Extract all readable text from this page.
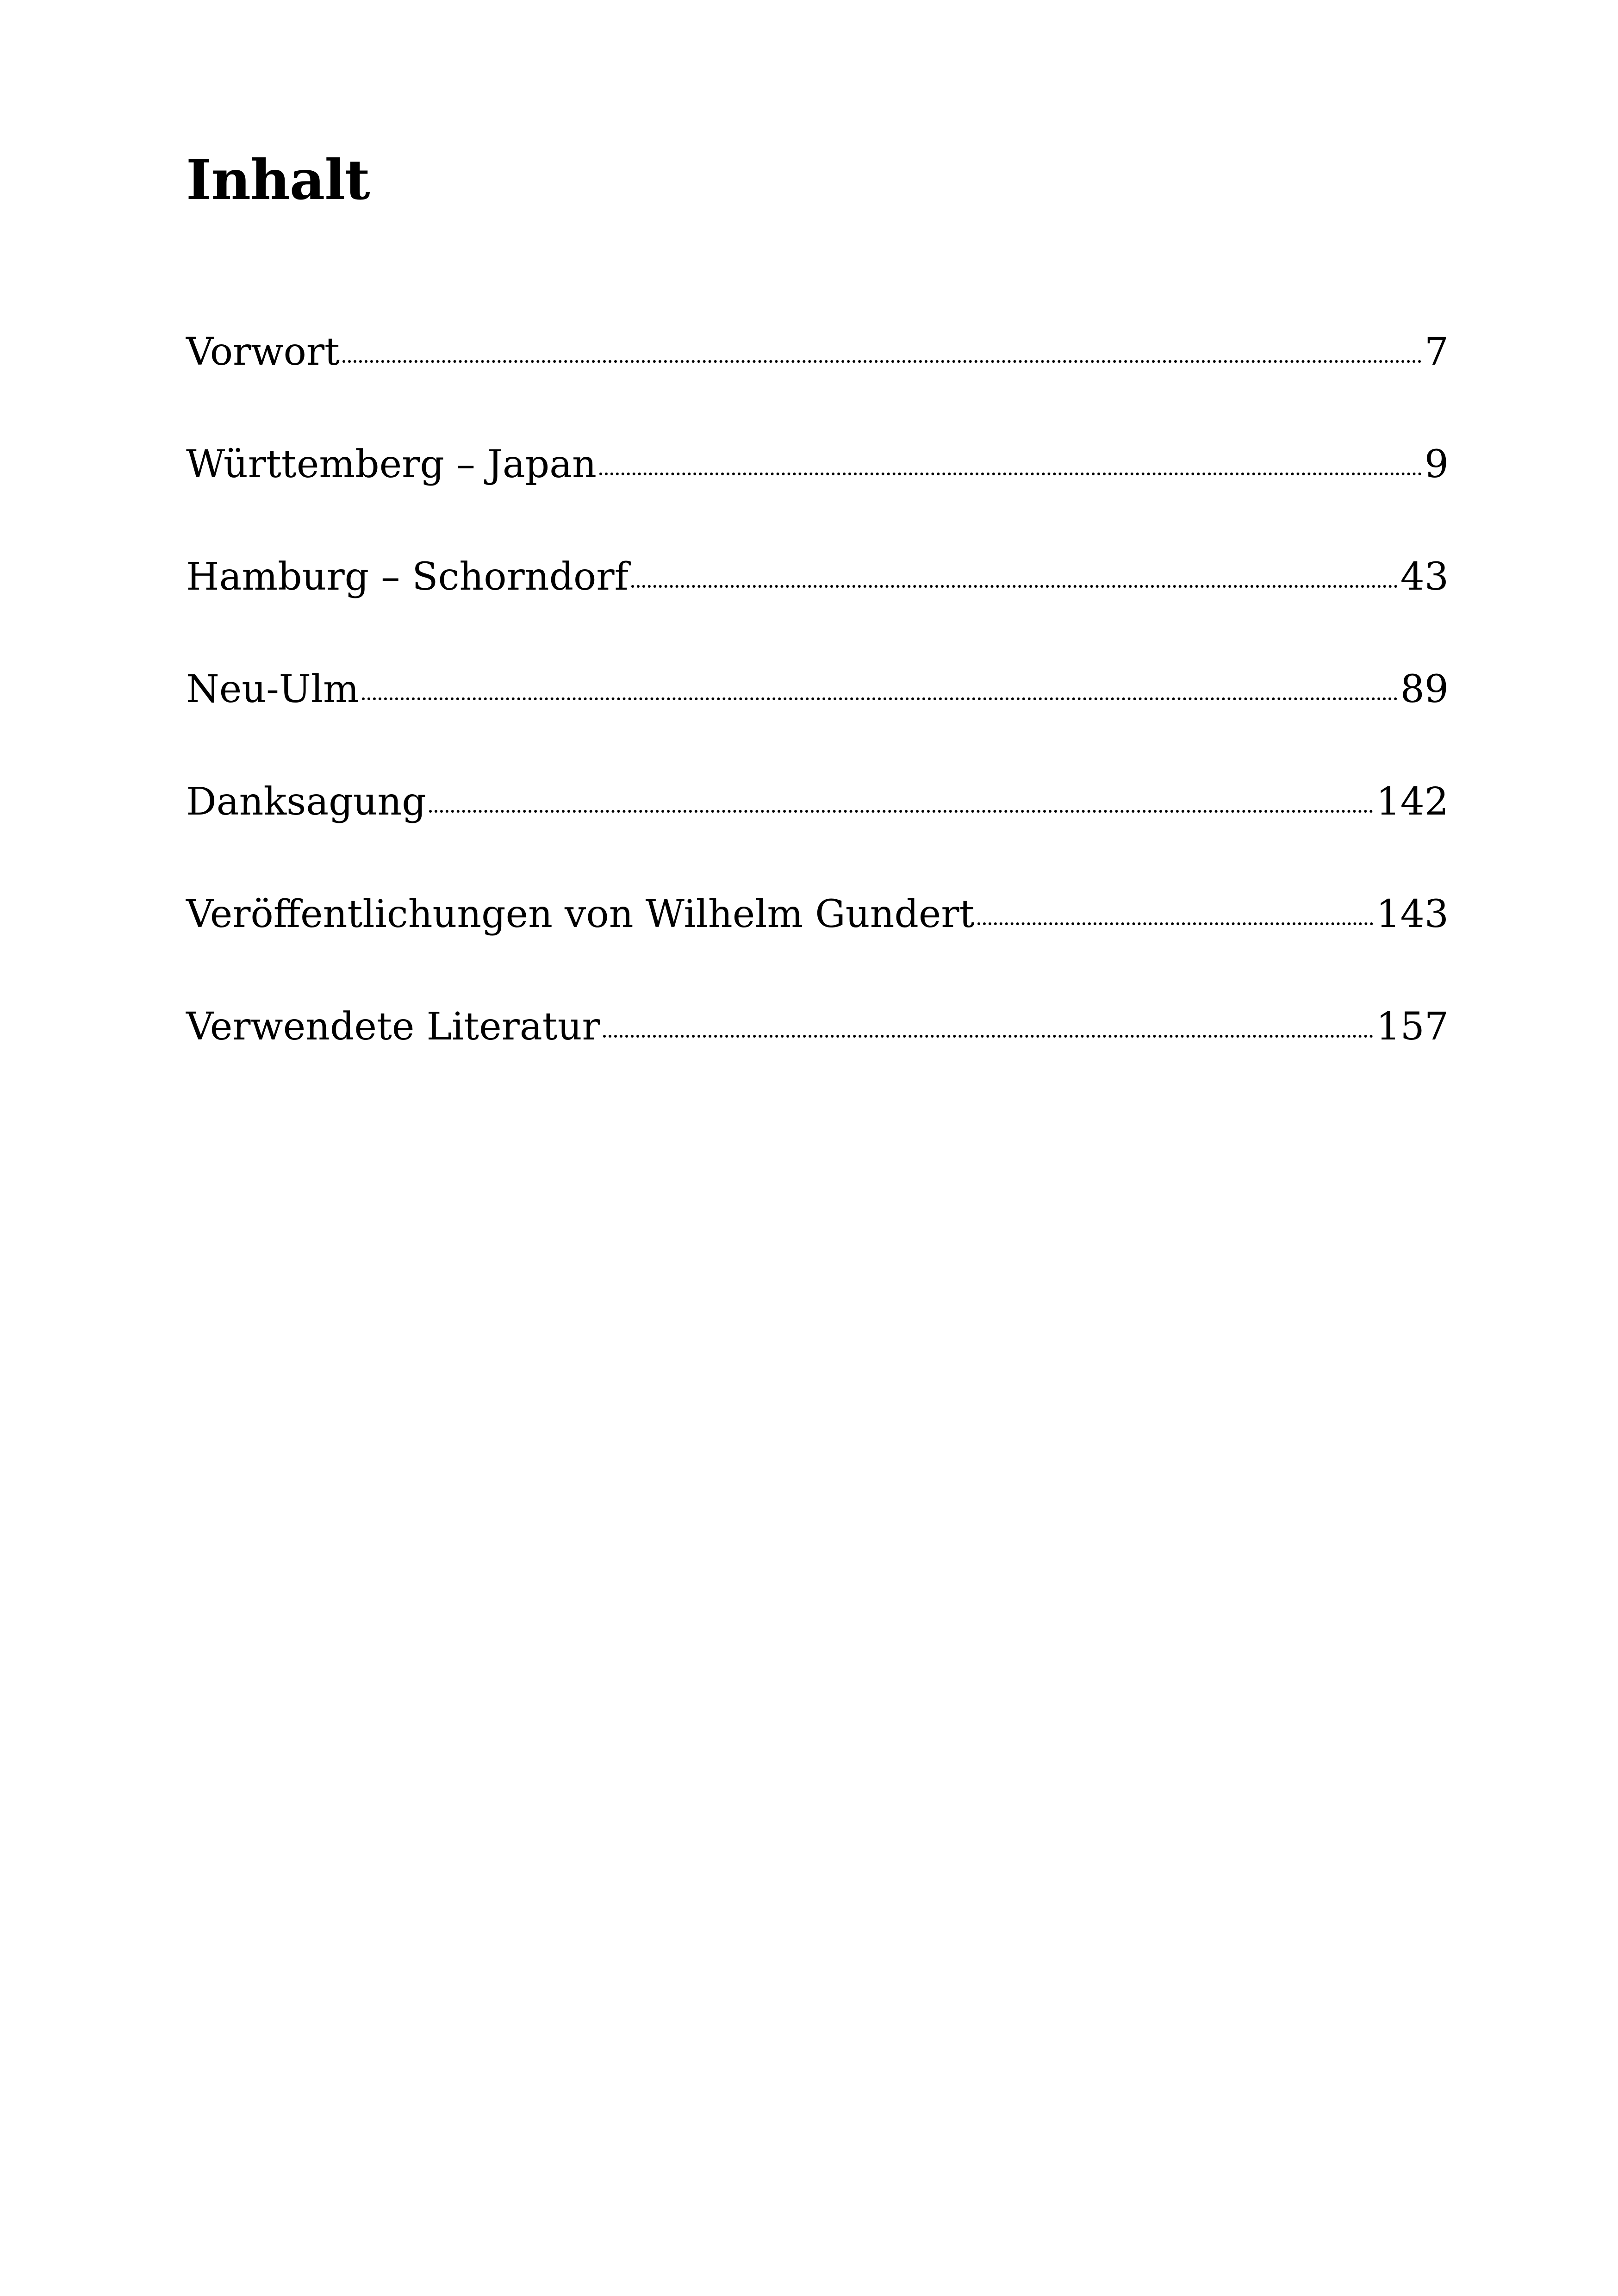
Inhalt
Vorwort	7
Württemberg – Japan	9
Hamburg – Schorndorf	43
Neu-Ulm	89
Danksagung	142
Veröffentlichungen von Wilhelm Gundert	143
Verwendete Literatur	157
